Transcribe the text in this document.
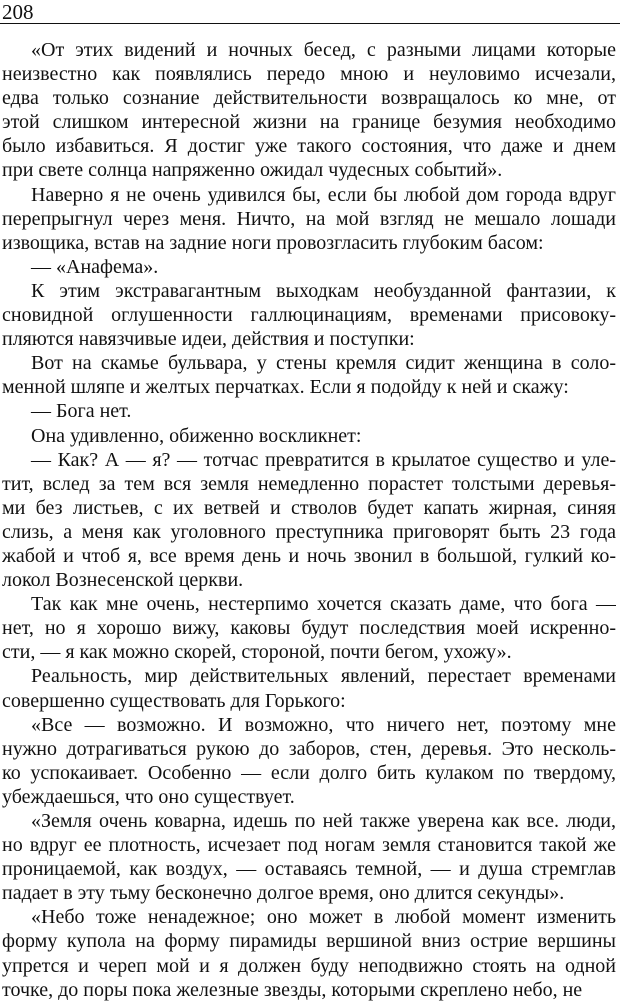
208
«От этих видений и ночных бесед, с разными лицами которые
неизвестно как появлялись передо мною и неуловимо исчезали,
едва только сознание действительности возвращалось ко мне, от
этой слишком интересной жизни на границе безумия необходимо
было избавиться. Я достиг уже такого состояния, что даже и днем
при свете солнца напряженно ожидал чудесных событий».
Наверно я не очень удивился бы, если бы любой дом города вдруг
перепрыгнул через меня. Ничто, на мой взгляд не мешало лошади
извощика, встав на задние ноги провозгласить глубоким басом:
— «Анафема».
К этим экстравагантным выходкам необузданной фантазии, к
сновидной оглушенности галлюцинациям, временами присовоку-
пляются навязчивые идеи, действия и поступки:
Вот на скамье бульвара, у стены кремля сидит женщина в соло-
менной шляпе и желтых перчатках. Если я подойду к ней и скажу:
— Бога нет.
Она удивленно, обиженно воскликнет:
— Как? А — я? — тотчас превратится в крылатое существо и уле-
тит, вслед за тем вся земля немедленно порастет толстыми деревья-
ми без листьев, с их ветвей и стволов будет капать жирная, синяя
слизь, а меня как уголовного преступника приговорят быть 23 года
жабой и чтоб я, все время день и ночь звонил в большой, гулкий ко-
локол Вознесенской церкви.
Так как мне очень, нестерпимо хочется сказать даме, что бога —
нет, но я хорошо вижу, каковы будут последствия моей искренно-
сти, — я как можно скорей, стороной, почти бегом, ухожу».
Реальность, мир действительных явлений, перестает временами
совершенно существовать для Горького:
«Все — возможно. И возможно, что ничего нет, поэтому мне
нужно дотрагиваться рукою до заборов, стен, деревья. Это несколь-
ко успокаивает. Особенно — если долго бить кулаком по твердому,
убеждаешься, что оно существует.
«Земля очень коварна, идешь по ней также уверена как все. люди,
но вдруг ее плотность, исчезает под ногам земля становится такой же
проницаемой, как воздух, — оставаясь темной, — и душа стремглав
падает в эту тьму бесконечно долгое время, оно длится секунды».
«Небо тоже ненадежное; оно может в любой момент изменить
форму купола на форму пирамиды вершиной вниз острие вершины
упрется и череп мой и я должен буду неподвижно стоять на одной
точке, до поры пока железные звезды, которыми скреплено небо, не
